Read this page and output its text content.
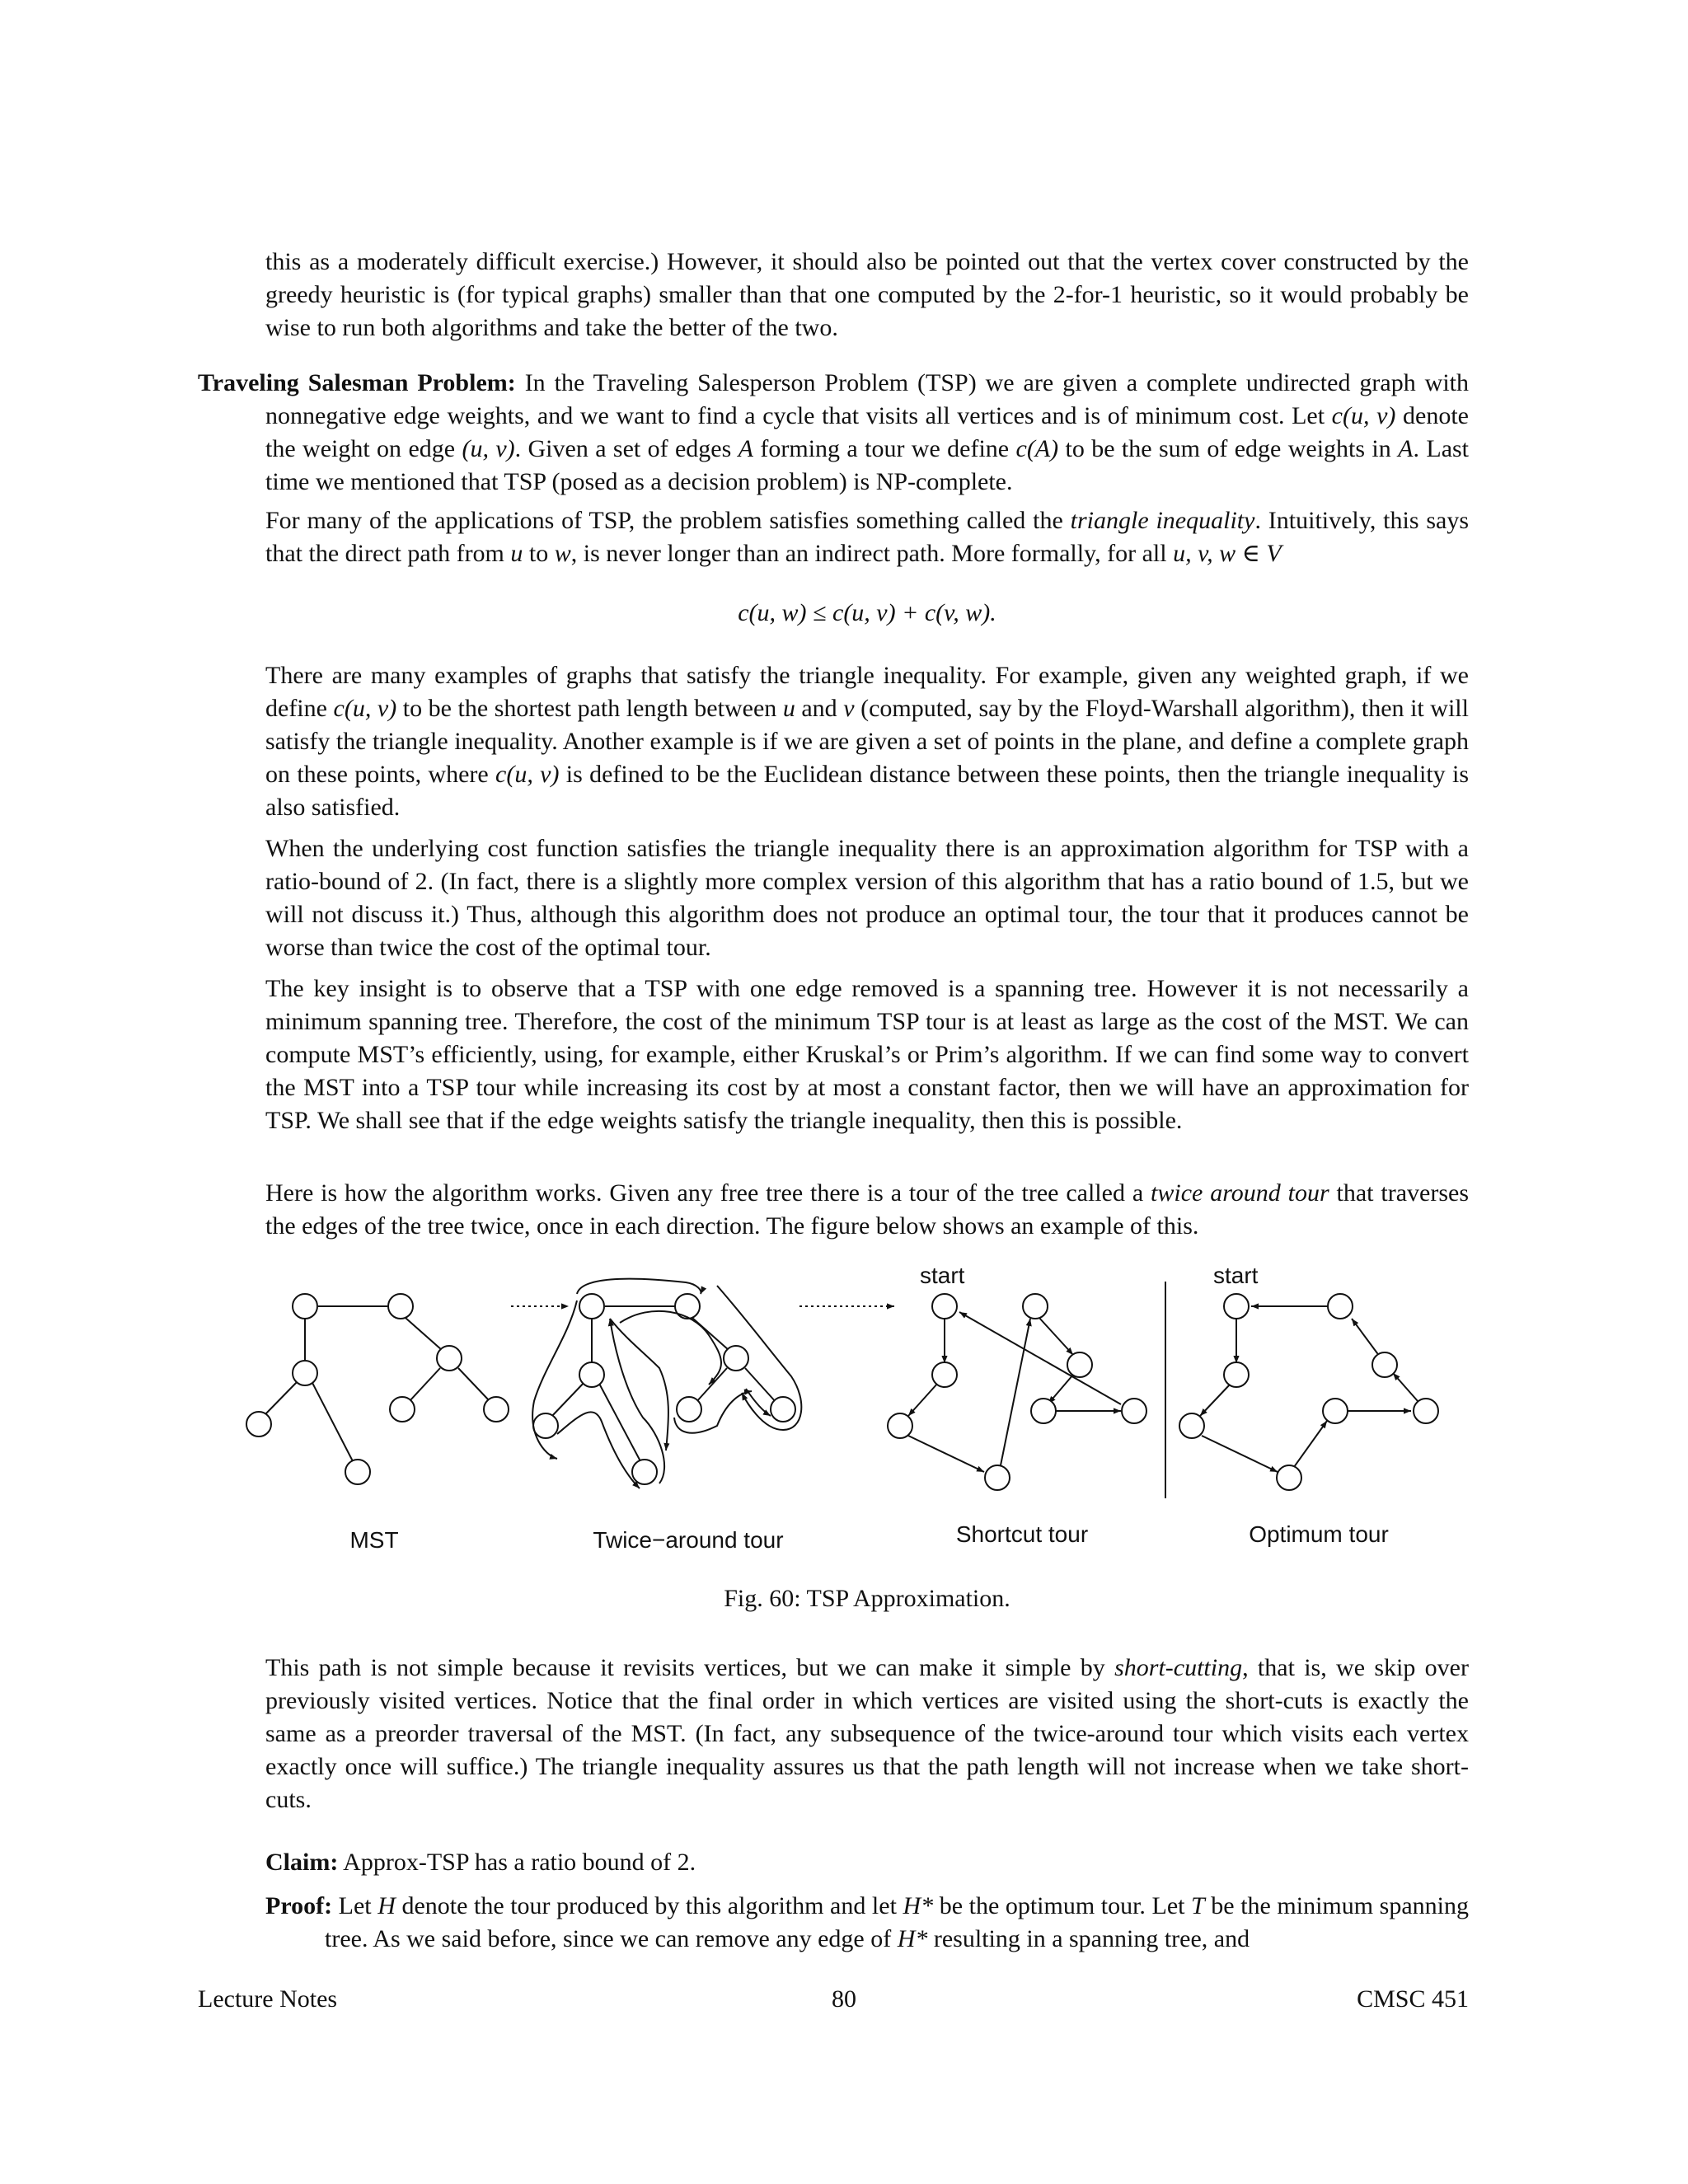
this as a moderately difficult exercise.) However, it should also be pointed out that the vertex cover constructed by the greedy heuristic is (for typical graphs) smaller than that one computed by the 2-for-1 heuristic, so it would probably be wise to run both algorithms and take the better of the two.

Traveling Salesman Problem: In the Traveling Salesperson Problem (TSP) we are given a complete undirected graph with nonnegative edge weights, and we want to find a cycle that visits all vertices and is of minimum cost. Let c(u, v) denote the weight on edge (u, v). Given a set of edges A forming a tour we define c(A) to be the sum of edge weights in A. Last time we mentioned that TSP (posed as a decision problem) is NP-complete.

For many of the applications of TSP, the problem satisfies something called the triangle inequality. Intuitively, this says that the direct path from u to w, is never longer than an indirect path. More formally, for all u, v, w ∈ V

c(u, w) ≤ c(u, v) + c(v, w).

There are many examples of graphs that satisfy the triangle inequality. For example, given any weighted graph, if we define c(u, v) to be the shortest path length between u and v (computed, say by the Floyd-Warshall algorithm), then it will satisfy the triangle inequality. Another example is if we are given a set of points in the plane, and define a complete graph on these points, where c(u, v) is defined to be the Euclidean distance between these points, then the triangle inequality is also satisfied.

When the underlying cost function satisfies the triangle inequality there is an approximation algorithm for TSP with a ratio-bound of 2. (In fact, there is a slightly more complex version of this algorithm that has a ratio bound of 1.5, but we will not discuss it.) Thus, although this algorithm does not produce an optimal tour, the tour that it produces cannot be worse than twice the cost of the optimal tour.

The key insight is to observe that a TSP with one edge removed is a spanning tree. However it is not necessarily a minimum spanning tree. Therefore, the cost of the minimum TSP tour is at least as large as the cost of the MST. We can compute MST’s efficiently, using, for example, either Kruskal’s or Prim’s algorithm. If we can find some way to convert the MST into a TSP tour while increasing its cost by at most a constant factor, then we will have an approximation for TSP. We shall see that if the edge weights satisfy the triangle inequality, then this is possible.

Here is how the algorithm works. Given any free tree there is a tour of the tree called a twice around tour that traverses the edges of the tree twice, once in each direction. The figure below shows an example of this.

start	start
MST	Twice−around tour	Shortcut tour	Optimum tour
Fig. 60: TSP Approximation.

This path is not simple because it revisits vertices, but we can make it simple by short-cutting, that is, we skip over previously visited vertices. Notice that the final order in which vertices are visited using the short-cuts is exactly the same as a preorder traversal of the MST. (In fact, any subsequence of the twice-around tour which visits each vertex exactly once will suffice.) The triangle inequality assures us that the path length will not increase when we take short-cuts.

Claim: Approx-TSP has a ratio bound of 2.

Proof: Let H denote the tour produced by this algorithm and let H* be the optimum tour. Let T be the minimum spanning tree. As we said before, since we can remove any edge of H* resulting in a spanning tree, and

Lecture Notes	80	CMSC 451
